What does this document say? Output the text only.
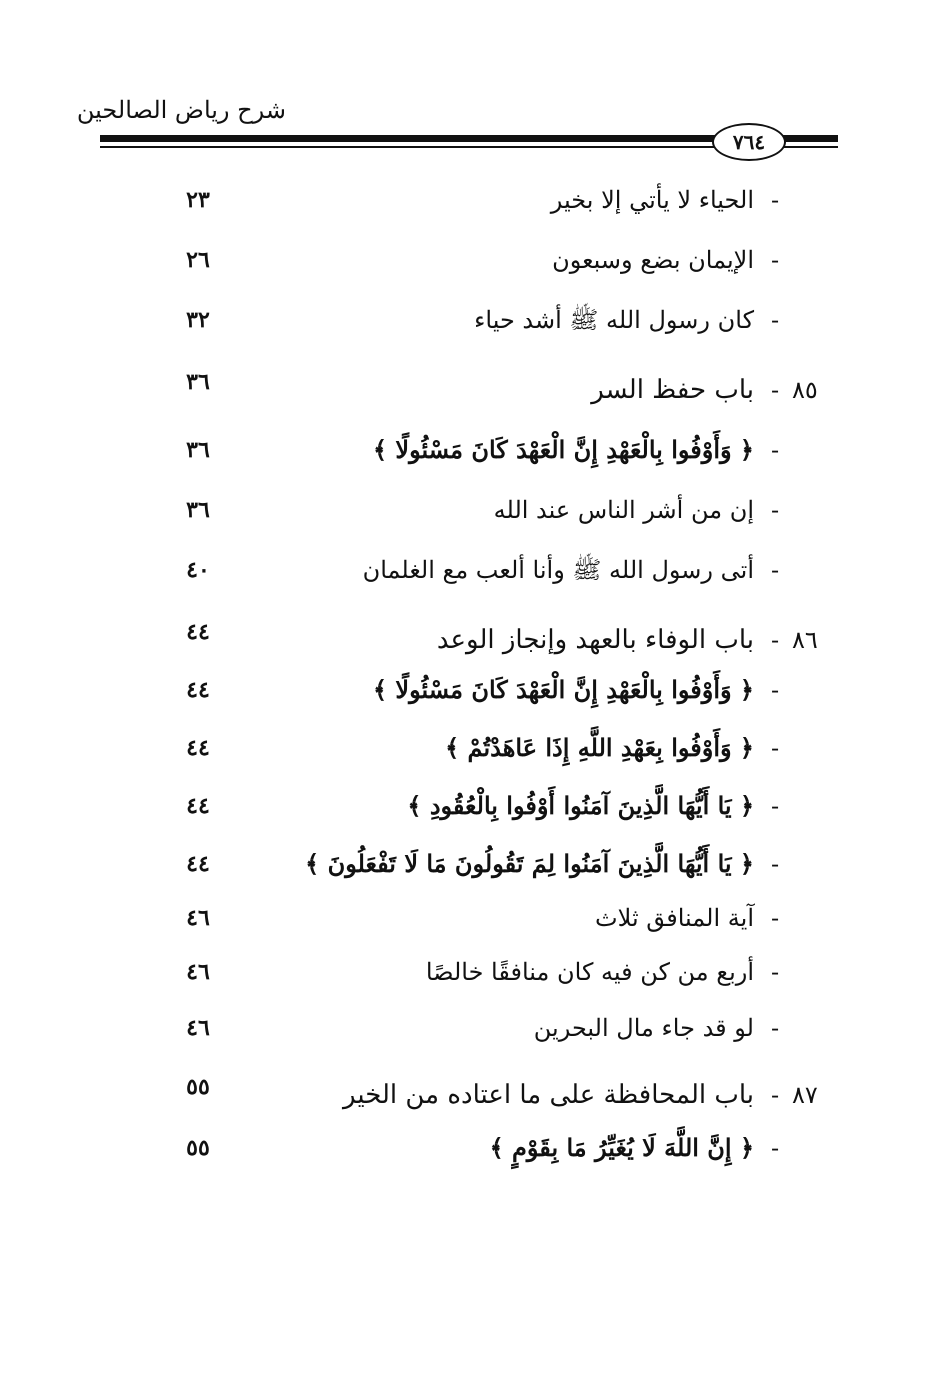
شرح رياض الصالحين
٧٦٤
-
الحياء لا يأتي إلا بخير
٢٣
-
الإيمان بضع وسبعون
٢٦
-
كان رسول الله ﷺ أشد حياء
٣٢
٨٥
-
باب حفظ السر
٣٦
-
﴿ وَأَوْفُوا بِالْعَهْدِ إِنَّ الْعَهْدَ كَانَ مَسْئُولًا ﴾
٣٦
-
إن من أشر الناس عند الله
٣٦
-
أتى رسول الله ﷺ وأنا ألعب مع الغلمان
٤٠
٨٦
-
باب الوفاء بالعهد وإنجاز الوعد
٤٤
-
﴿ وَأَوْفُوا بِالْعَهْدِ إِنَّ الْعَهْدَ كَانَ مَسْئُولًا ﴾
٤٤
-
﴿ وَأَوْفُوا بِعَهْدِ اللَّهِ إِذَا عَاهَدْتُمْ ﴾
٤٤
-
﴿ يَا أَيُّهَا الَّذِينَ آمَنُوا أَوْفُوا بِالْعُقُودِ ﴾
٤٤
-
﴿ يَا أَيُّهَا الَّذِينَ آمَنُوا لِمَ تَقُولُونَ مَا لَا تَفْعَلُونَ ﴾
٤٤
-
آية المنافق ثلاث
٤٦
-
أربع من كن فيه كان منافقًا خالصًا
٤٦
-
لو قد جاء مال البحرين
٤٦
٨٧
-
باب المحافظة على ما اعتاده من الخير
٥٥
-
﴿ إِنَّ اللَّهَ لَا يُغَيِّرُ مَا بِقَوْمٍ ﴾
٥٥
